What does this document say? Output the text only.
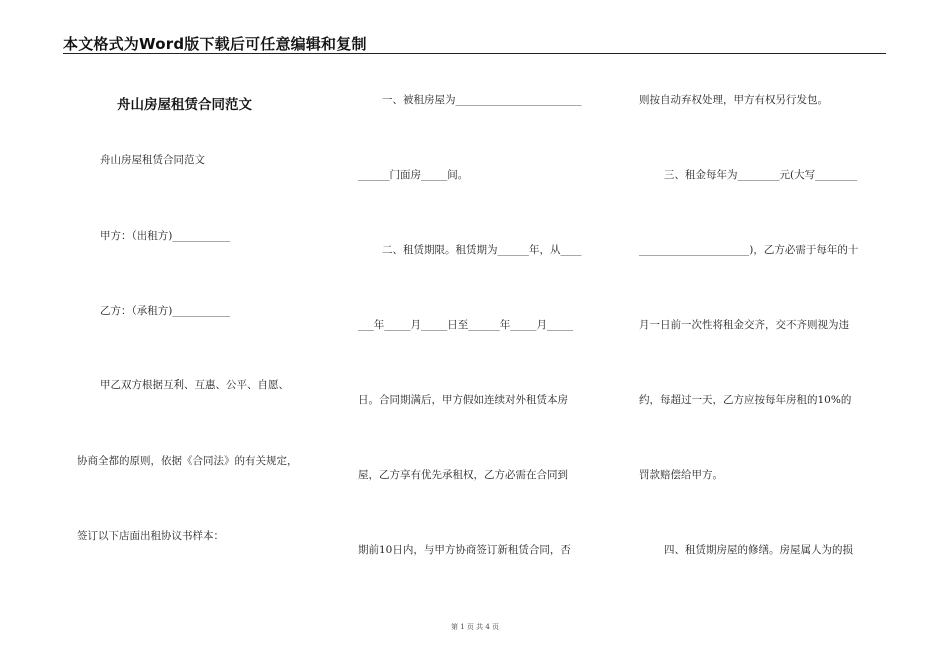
本文格式为Word版下载后可任意编辑和复制
舟山房屋租赁合同范文
舟山房屋租赁合同范文
甲方：（出租方)___________
乙方：（承租方)___________
甲乙双方根据互利、互惠、公平、自愿、
协商全都的原则，依据《合同法》的有关规定，
签订以下店面出租协议书样本：
一、被租房屋为________________________
______门面房_____间。
二、租赁期限。租赁期为______年，从____
___年_____月_____日至______年_____月_____
日。合同期满后，甲方假如连续对外租赁本房
屋，乙方享有优先承租权，乙方必需在合同到
期前10日内，与甲方协商签订新租赁合同，否
则按自动弃权处理，甲方有权另行发包。
三、租金每年为________元(大写________
_____________________)，乙方必需于每年的十
月一日前一次性将租金交齐，交不齐则视为违
约，每超过一天，乙方应按每年房租的10%的
罚款赔偿给甲方。
四、租赁期房屋的修缮。房屋属人为的损
第 1 页 共 4 页
